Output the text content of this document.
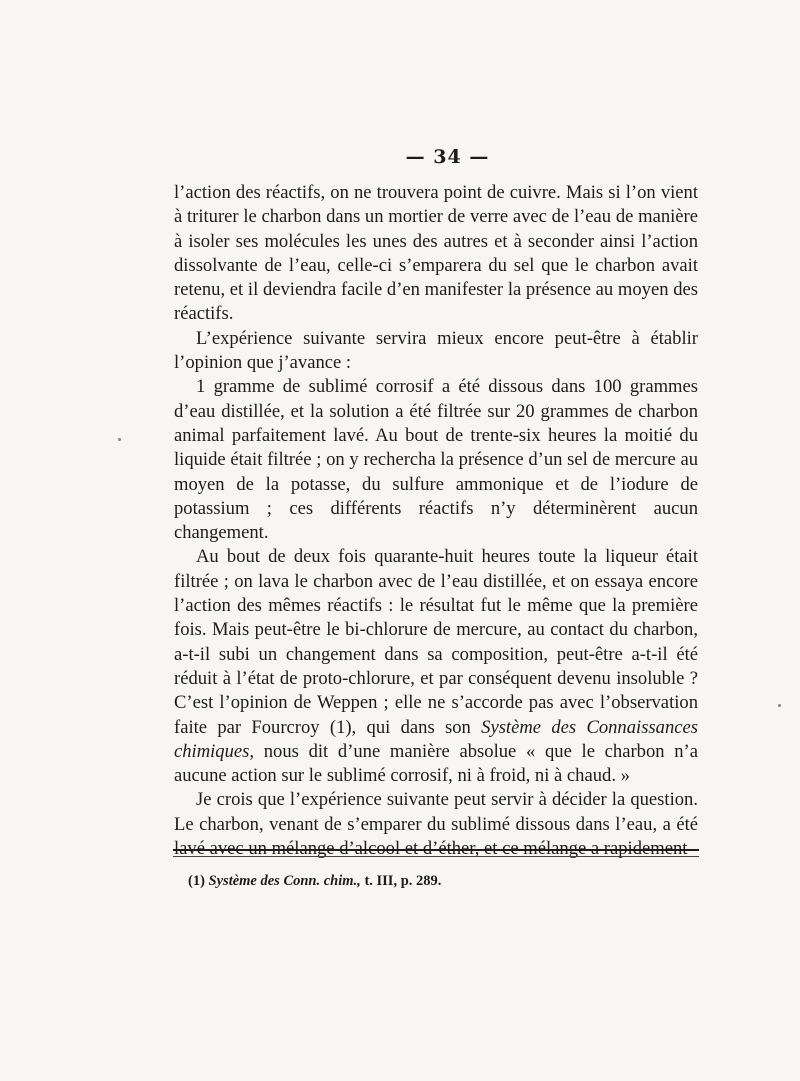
— 34 —

l’action des réactifs, on ne trouvera point de cuivre. Mais si l’on vient à triturer le charbon dans un mortier de verre avec de l’eau de manière à isoler ses molécules les unes des autres et à seconder ainsi l’action dissolvante de l’eau, celle-ci s’emparera du sel que le charbon avait retenu, et il deviendra facile d’en manifester la présence au moyen des réactifs.

L’expérience suivante servira mieux encore peut-être à établir l’opinion que j’avance :

1 gramme de sublimé corrosif a été dissous dans 100 grammes d’eau distillée, et la solution a été filtrée sur 20 grammes de charbon animal parfaitement lavé. Au bout de trente-six heures la moitié du liquide était filtrée ; on y rechercha la présence d’un sel de mercure au moyen de la potasse, du sulfure ammonique et de l’iodure de potassium ; ces différents réactifs n’y déterminèrent aucun changement.

Au bout de deux fois quarante-huit heures toute la liqueur était filtrée ; on lava le charbon avec de l’eau distillée, et on essaya encore l’action des mêmes réactifs : le résultat fut le même que la première fois. Mais peut-être le bi-chlorure de mercure, au contact du charbon, a-t-il subi un changement dans sa composition, peut-être a-t-il été réduit à l’état de proto-chlorure, et par conséquent devenu insoluble ? C’est l’opinion de Weppen ; elle ne s’accorde pas avec l’observation faite par Fourcroy (1), qui dans son Système des Connaissances chimiques, nous dit d’une manière absolue « que le charbon n’a aucune action sur le sublimé corrosif, ni à froid, ni à chaud. »

Je crois que l’expérience suivante peut servir à décider la question. Le charbon, venant de s’emparer du sublimé dissous dans l’eau, a été lavé avec un mélange d’alcool et d’éther, et ce mélange a rapidement

(1) Système des Conn. chim., t. III, p. 289.
